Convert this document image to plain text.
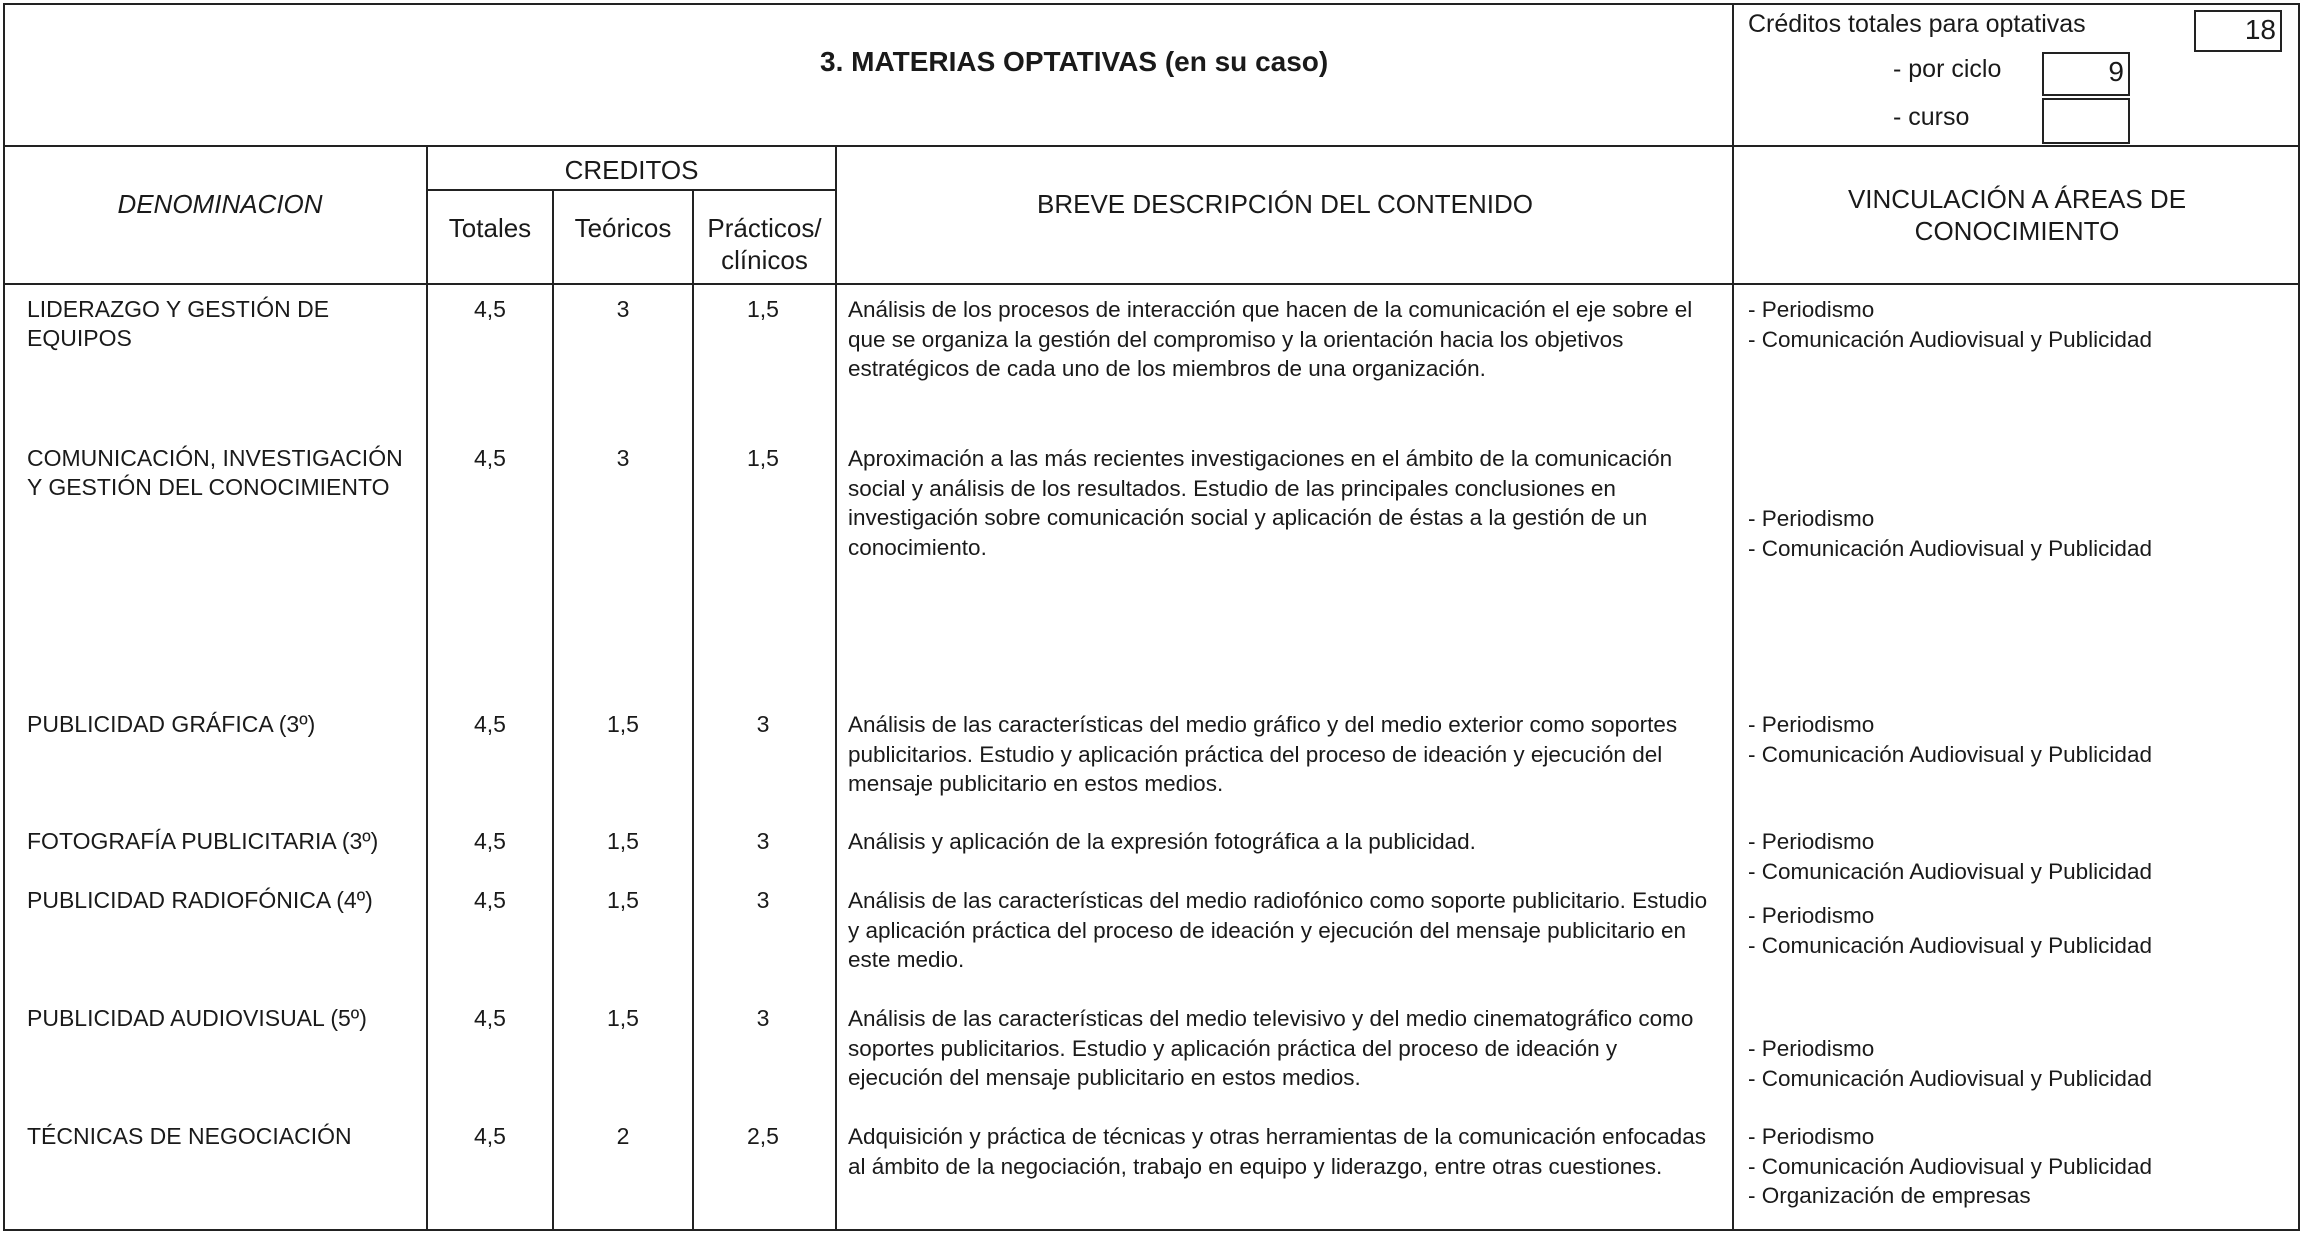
3. MATERIAS OPTATIVAS (en su caso)
Créditos totales para optativas	18
- por ciclo	9
- curso
DENOMINACION
CREDITOS
Totales	Teóricos	Prácticos/
clínicos
BREVE DESCRIPCIÓN DEL CONTENIDO	VINCULACIÓN A ÁREAS DE
CONOCIMIENTO
LIDERAZGO Y GESTIÓN DE EQUIPOS
4,5	3	1,5	Análisis de los procesos de interacción que hacen de la comunicación el eje sobre el que se organiza la gestión del compromiso y la orientación hacia los objetivos estratégicos de cada uno de los miembros de una organización.
- Periodismo
- Comunicación Audiovisual y Publicidad
COMUNICACIÓN, INVESTIGACIÓN Y GESTIÓN DEL CONOCIMIENTO
4,5	3	1,5	Aproximación a las más recientes investigaciones en el ámbito de la comunicación social y análisis de los resultados. Estudio de las principales conclusiones en investigación sobre comunicación social y aplicación de éstas a la gestión de un conocimiento.
- Periodismo
- Comunicación Audiovisual y Publicidad
PUBLICIDAD GRÁFICA (3º)	4,5	1,5	3	Análisis de las características del medio gráfico y del medio exterior como soportes publicitarios. Estudio y aplicación práctica del proceso de ideación y ejecución del mensaje publicitario en estos medios.
- Periodismo
- Comunicación Audiovisual y Publicidad
FOTOGRAFÍA PUBLICITARIA (3º)	4,5	1,5	3	Análisis y aplicación de la expresión fotográfica a la publicidad.	- Periodismo
- Comunicación Audiovisual y Publicidad
PUBLICIDAD RADIOFÓNICA (4º)	4,5	1,5	3	Análisis de las características del medio radiofónico como soporte publicitario. Estudio y aplicación práctica del proceso de ideación y ejecución del mensaje publicitario en este medio.
- Periodismo
- Comunicación Audiovisual y Publicidad
PUBLICIDAD AUDIOVISUAL (5º)	4,5	1,5	3	Análisis de las características del medio televisivo y del medio cinematográfico como soportes publicitarios. Estudio y aplicación práctica del proceso de ideación y ejecución del mensaje publicitario en estos medios.
- Periodismo
- Comunicación Audiovisual y Publicidad
TÉCNICAS DE NEGOCIACIÓN	4,5	2	2,5	Adquisición y práctica de técnicas y otras herramientas de la comunicación enfocadas al ámbito de la negociación, trabajo en equipo y liderazgo, entre otras cuestiones.
- Periodismo
- Comunicación Audiovisual y Publicidad
- Organización de empresas
